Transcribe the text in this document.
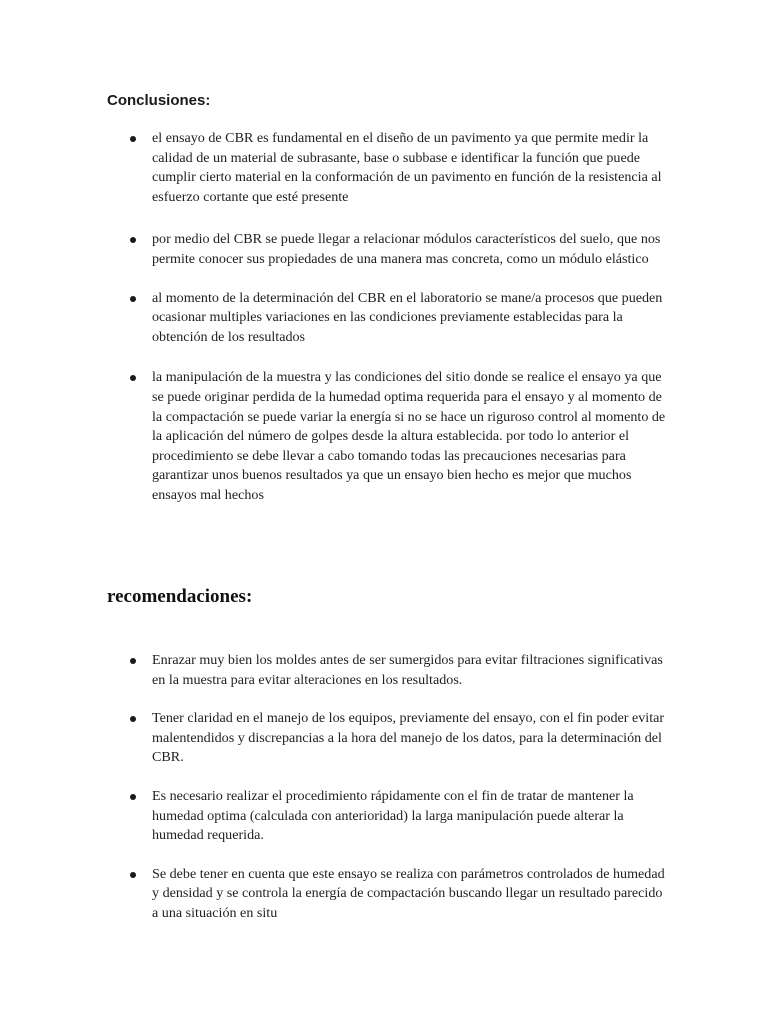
Conclusiones:
el ensayo de CBR es fundamental en el diseño de un pavimento ya que permite medir la calidad de un material de subrasante, base o subbase e identificar la función que puede cumplir cierto material en la conformación de un pavimento en función de la resistencia al esfuerzo cortante que esté presente
por medio del CBR se puede llegar a relacionar módulos característicos del suelo, que nos permite conocer sus propiedades de una manera mas concreta, como un módulo elástico
al momento de la determinación del CBR en el laboratorio se mane/a procesos que pueden ocasionar multiples variaciones en las condiciones previamente establecidas para la obtención de los resultados
la manipulación de la muestra y las condiciones del sitio donde se realice el ensayo ya que se puede originar perdida de la humedad optima requerida para el ensayo y al momento de la compactación se puede variar la energía si no se hace un riguroso control al momento de la aplicación del número de golpes desde la altura establecida. por todo lo anterior el procedimiento se debe llevar a cabo tomando todas las precauciones necesarias para garantizar unos buenos resultados ya que un ensayo bien hecho es mejor que muchos ensayos mal hechos
recomendaciones:
Enrazar muy bien los moldes antes de ser sumergidos para evitar filtraciones significativas en la muestra para evitar alteraciones en los resultados.
Tener claridad en el manejo de los equipos, previamente del ensayo, con el fin poder evitar malentendidos y discrepancias a la hora del manejo de los datos, para la determinación del CBR.
Es necesario realizar el procedimiento rápidamente con el fin de tratar de mantener la humedad optima (calculada con anterioridad) la larga manipulación puede alterar la humedad requerida.
Se debe tener en cuenta que este ensayo se realiza con parámetros controlados de humedad y densidad y se controla la energía de compactación buscando llegar un resultado parecido a una situación en situ
